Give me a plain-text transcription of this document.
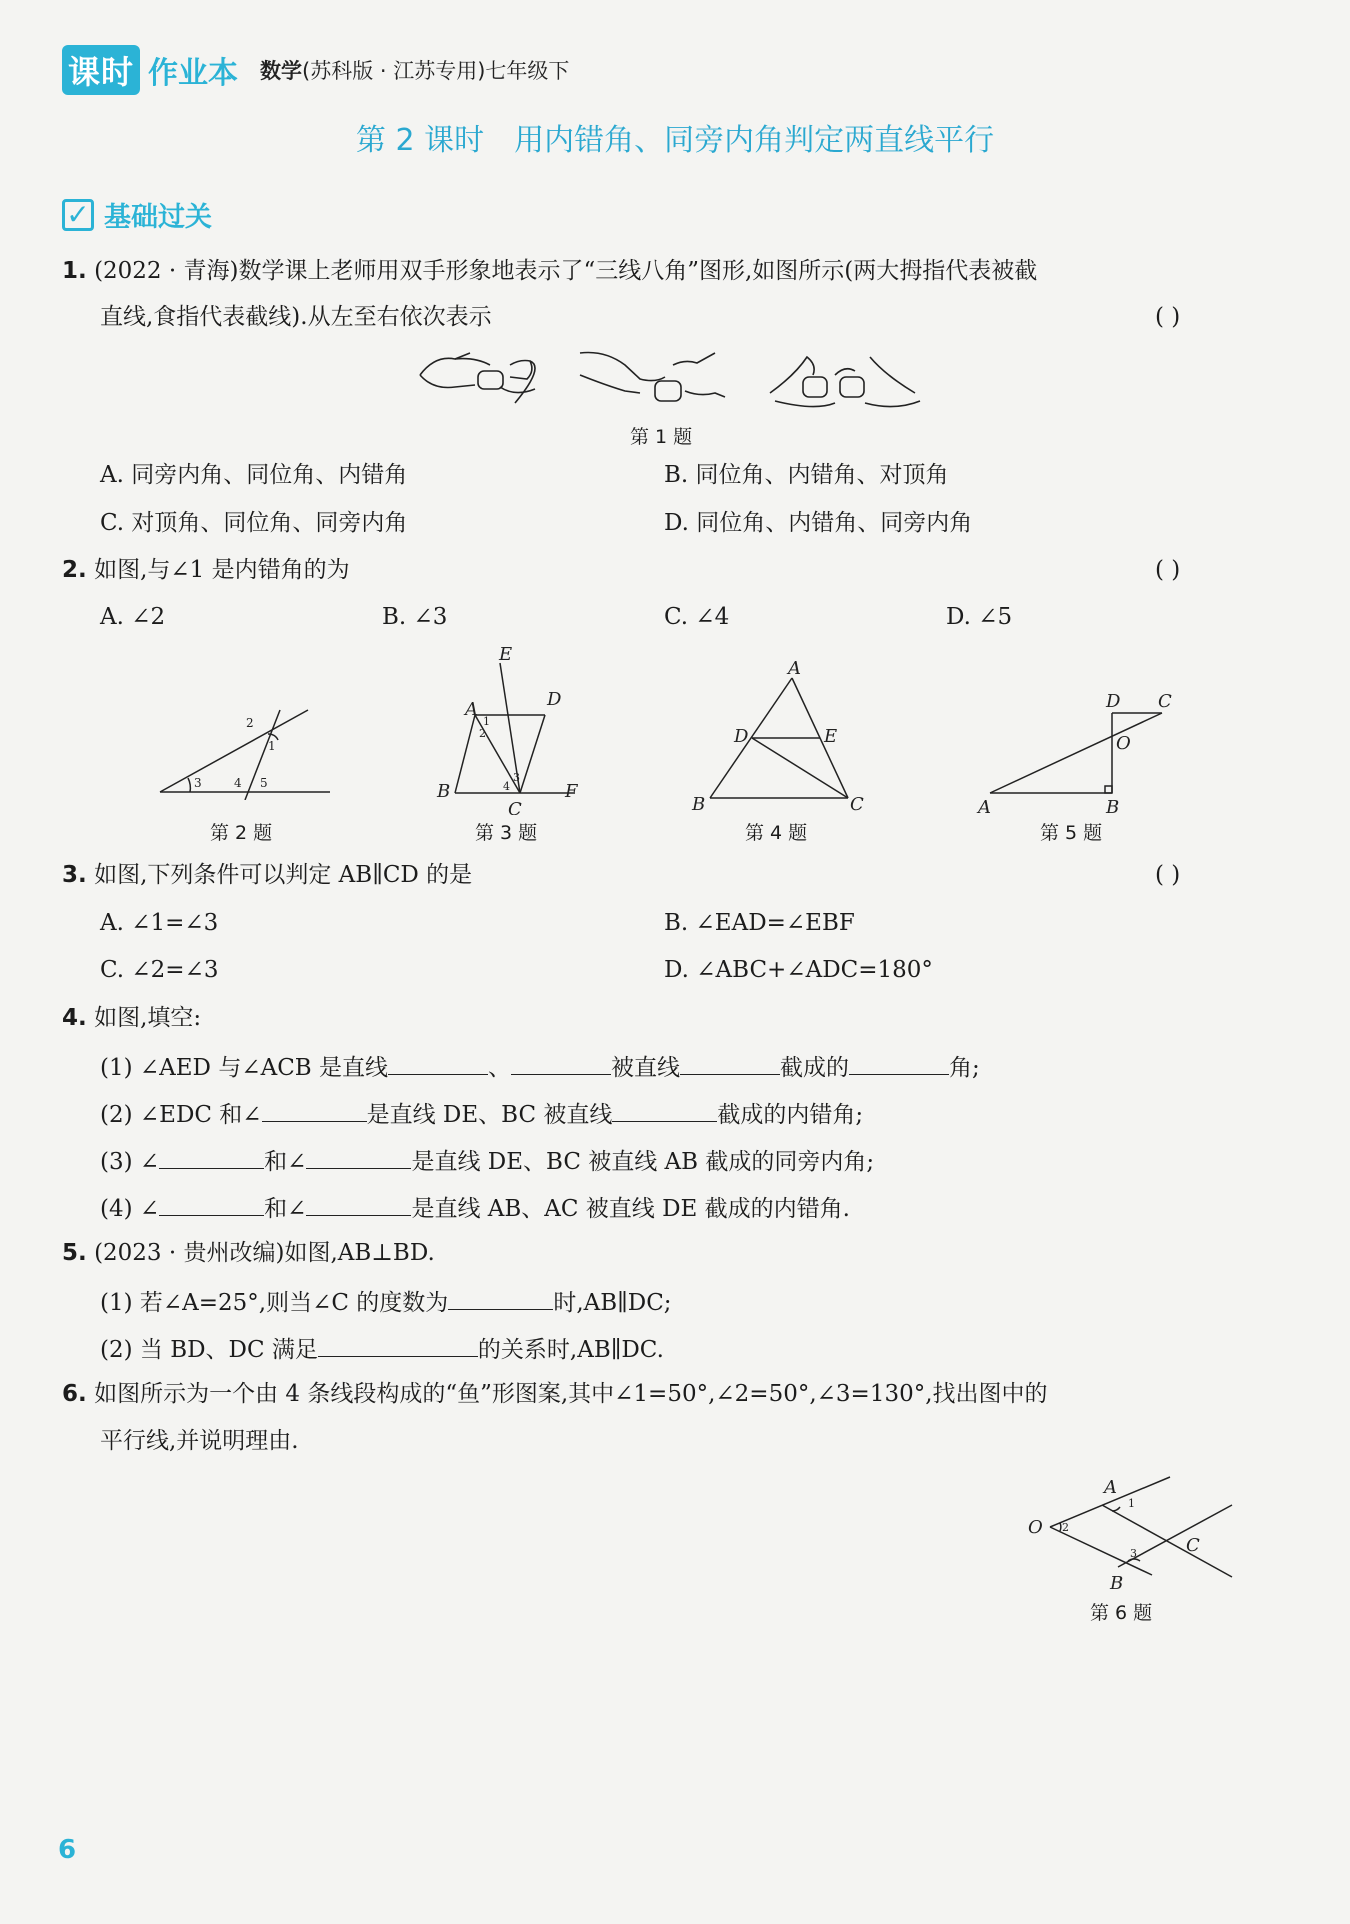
课时 作业本 数学(苏科版 · 江苏专用)七年级下
第 2 课时 用内错角、同旁内角判定两直线平行
✓ 基础过关
1. (2022 · 青海)数学课上老师用双手形象地表示了“三线八角”图形,如图所示(两大拇指代表被截
直线,食指代表截线).从左至右依次表示	( )
第 1 题
A. 同旁内角、同位角、内错角	B. 同位角、内错角、对顶角
C. 对顶角、同位角、同旁内角	D. 同位角、内错角、同旁内角
2. 如图,与∠1 是内错角的为	( )
A. ∠2	B. ∠3	C. ∠4	D. ∠5
2
1
3	4 5
第 2 题
E
D
A
B
C
F
1
2
3
4
第 3 题
A
D	E
B	C
第 4 题
D C
O
A	B
第 5 题
3. 如图,下列条件可以判定 AB∥CD 的是	( )
A. ∠1=∠3	B. ∠EAD=∠EBF
C. ∠2=∠3	D. ∠ABC+∠ADC=180°
4. 如图,填空:
(1) ∠AED 与∠ACB 是直线	、	被直线	截成的	角;
(2) ∠EDC 和∠	是直线 DE、BC 被直线	截成的内错角;
(3) ∠	和∠	是直线 DE、BC 被直线 AB 截成的同旁内角;
(4) ∠	和∠	是直线 AB、AC 被直线 DE 截成的内错角.
5. (2023 · 贵州改编)如图,AB⊥BD.
(1) 若∠A=25°,则当∠C 的度数为	时,AB∥DC;
(2) 当 BD、DC 满足	的关系时,AB∥DC.
6. 如图所示为一个由 4 条线段构成的“鱼”形图案,其中∠1=50°,∠2=50°,∠3=130°,找出图中的
平行线,并说明理由.
A
O
C
B
1
2
3
第 6 题
6
